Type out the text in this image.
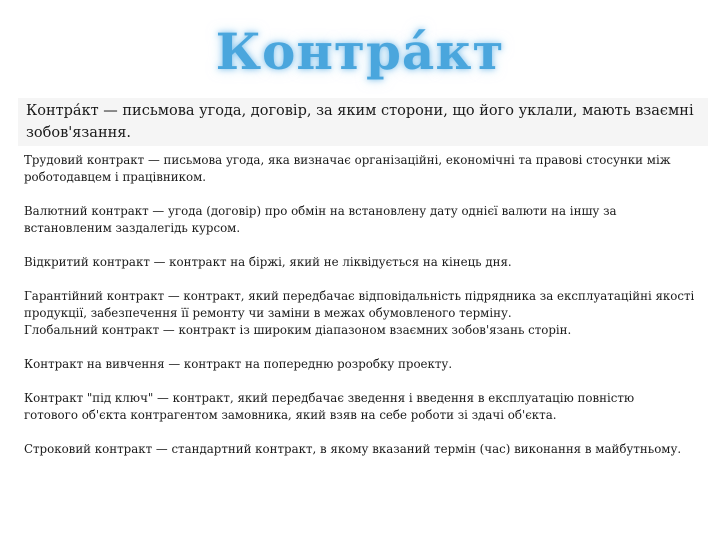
Контра́кт
Контра́кт — письмова угода, договір, за яким сторони, що його уклали, мають взаємні зобов'язання.

Трудовий контракт — письмова угода, яка визначає організаційні, економічні та правові стосунки між роботодавцем і працівником.

Валютний контракт — угода (договір) про обмін на встановлену дату однієї валюти на іншу за встановленим заздалегідь курсом.

Відкритий контракт — контракт на біржі, який не ліквідується на кінець дня.

Гарантійний контракт — контракт, який передбачає відповідальність підрядника за експлуатаційні якості продукції, забезпечення її ремонту чи заміни в межах обумовленого терміну.

Глобальний контракт — контракт із широким діапазоном взаємних зобов'язань сторін.

Контракт на вивчення — контракт на попередню розробку проекту.

Контракт "під ключ" — контракт, який передбачає зведення і введення в експлуатацію повністю
готового об'єкта контрагентом замовника, який взяв на себе роботи зі здачі об'єкта.

Строковий контракт — стандартний контракт, в якому вказаний термін (час) виконання в майбутньому.
